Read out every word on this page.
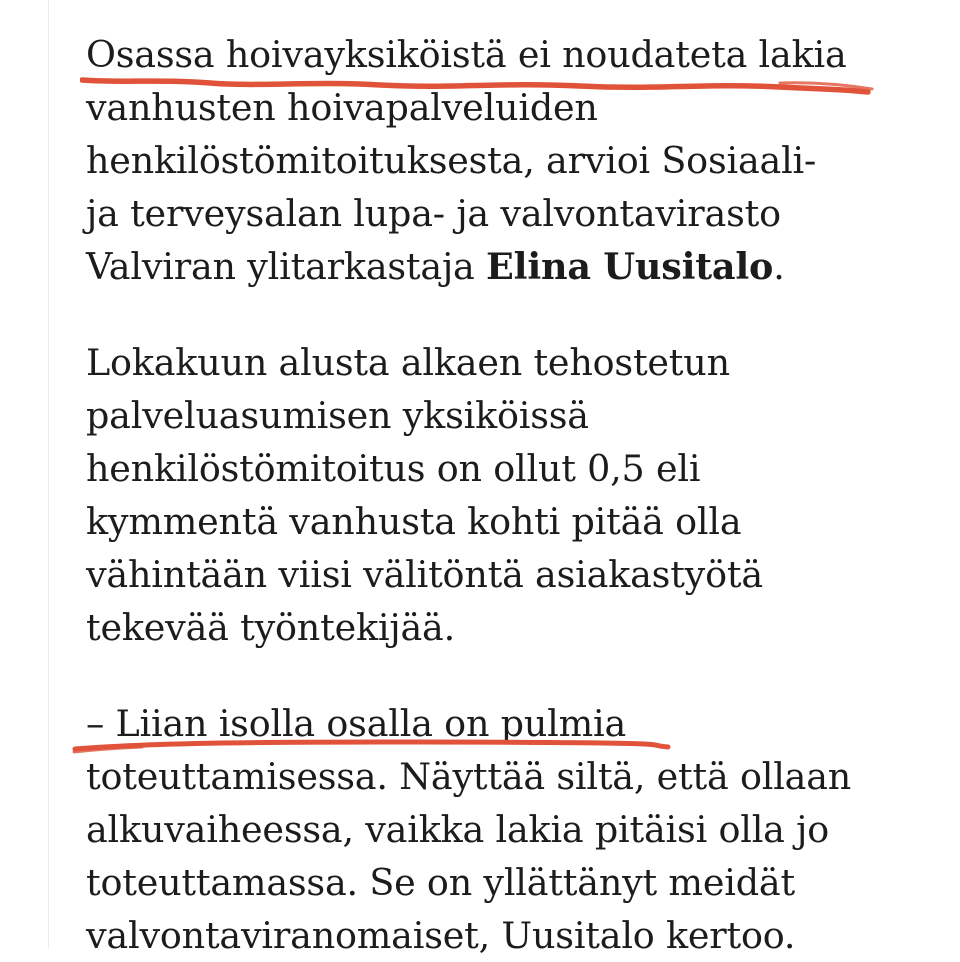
Osassa hoivayksiköistä ei noudateta lakia
vanhusten hoivapalveluiden
henkilöstömitoituksesta, arvioi Sosiaali-
ja terveysalan lupa- ja valvontavirasto
Valviran ylitarkastaja Elina Uusitalo.

Lokakuun alusta alkaen tehostetun
palveluasumisen yksiköissä
henkilöstömitoitus on ollut 0,5 eli
kymmentä vanhusta kohti pitää olla
vähintään viisi välitöntä asiakastyötä
tekevää työntekijää.

– Liian isolla osalla on pulmia
toteuttamisessa. Näyttää siltä, että ollaan
alkuvaiheessa, vaikka lakia pitäisi olla jo
toteuttamassa. Se on yllättänyt meidät
valvontaviranomaiset, Uusitalo kertoo.
